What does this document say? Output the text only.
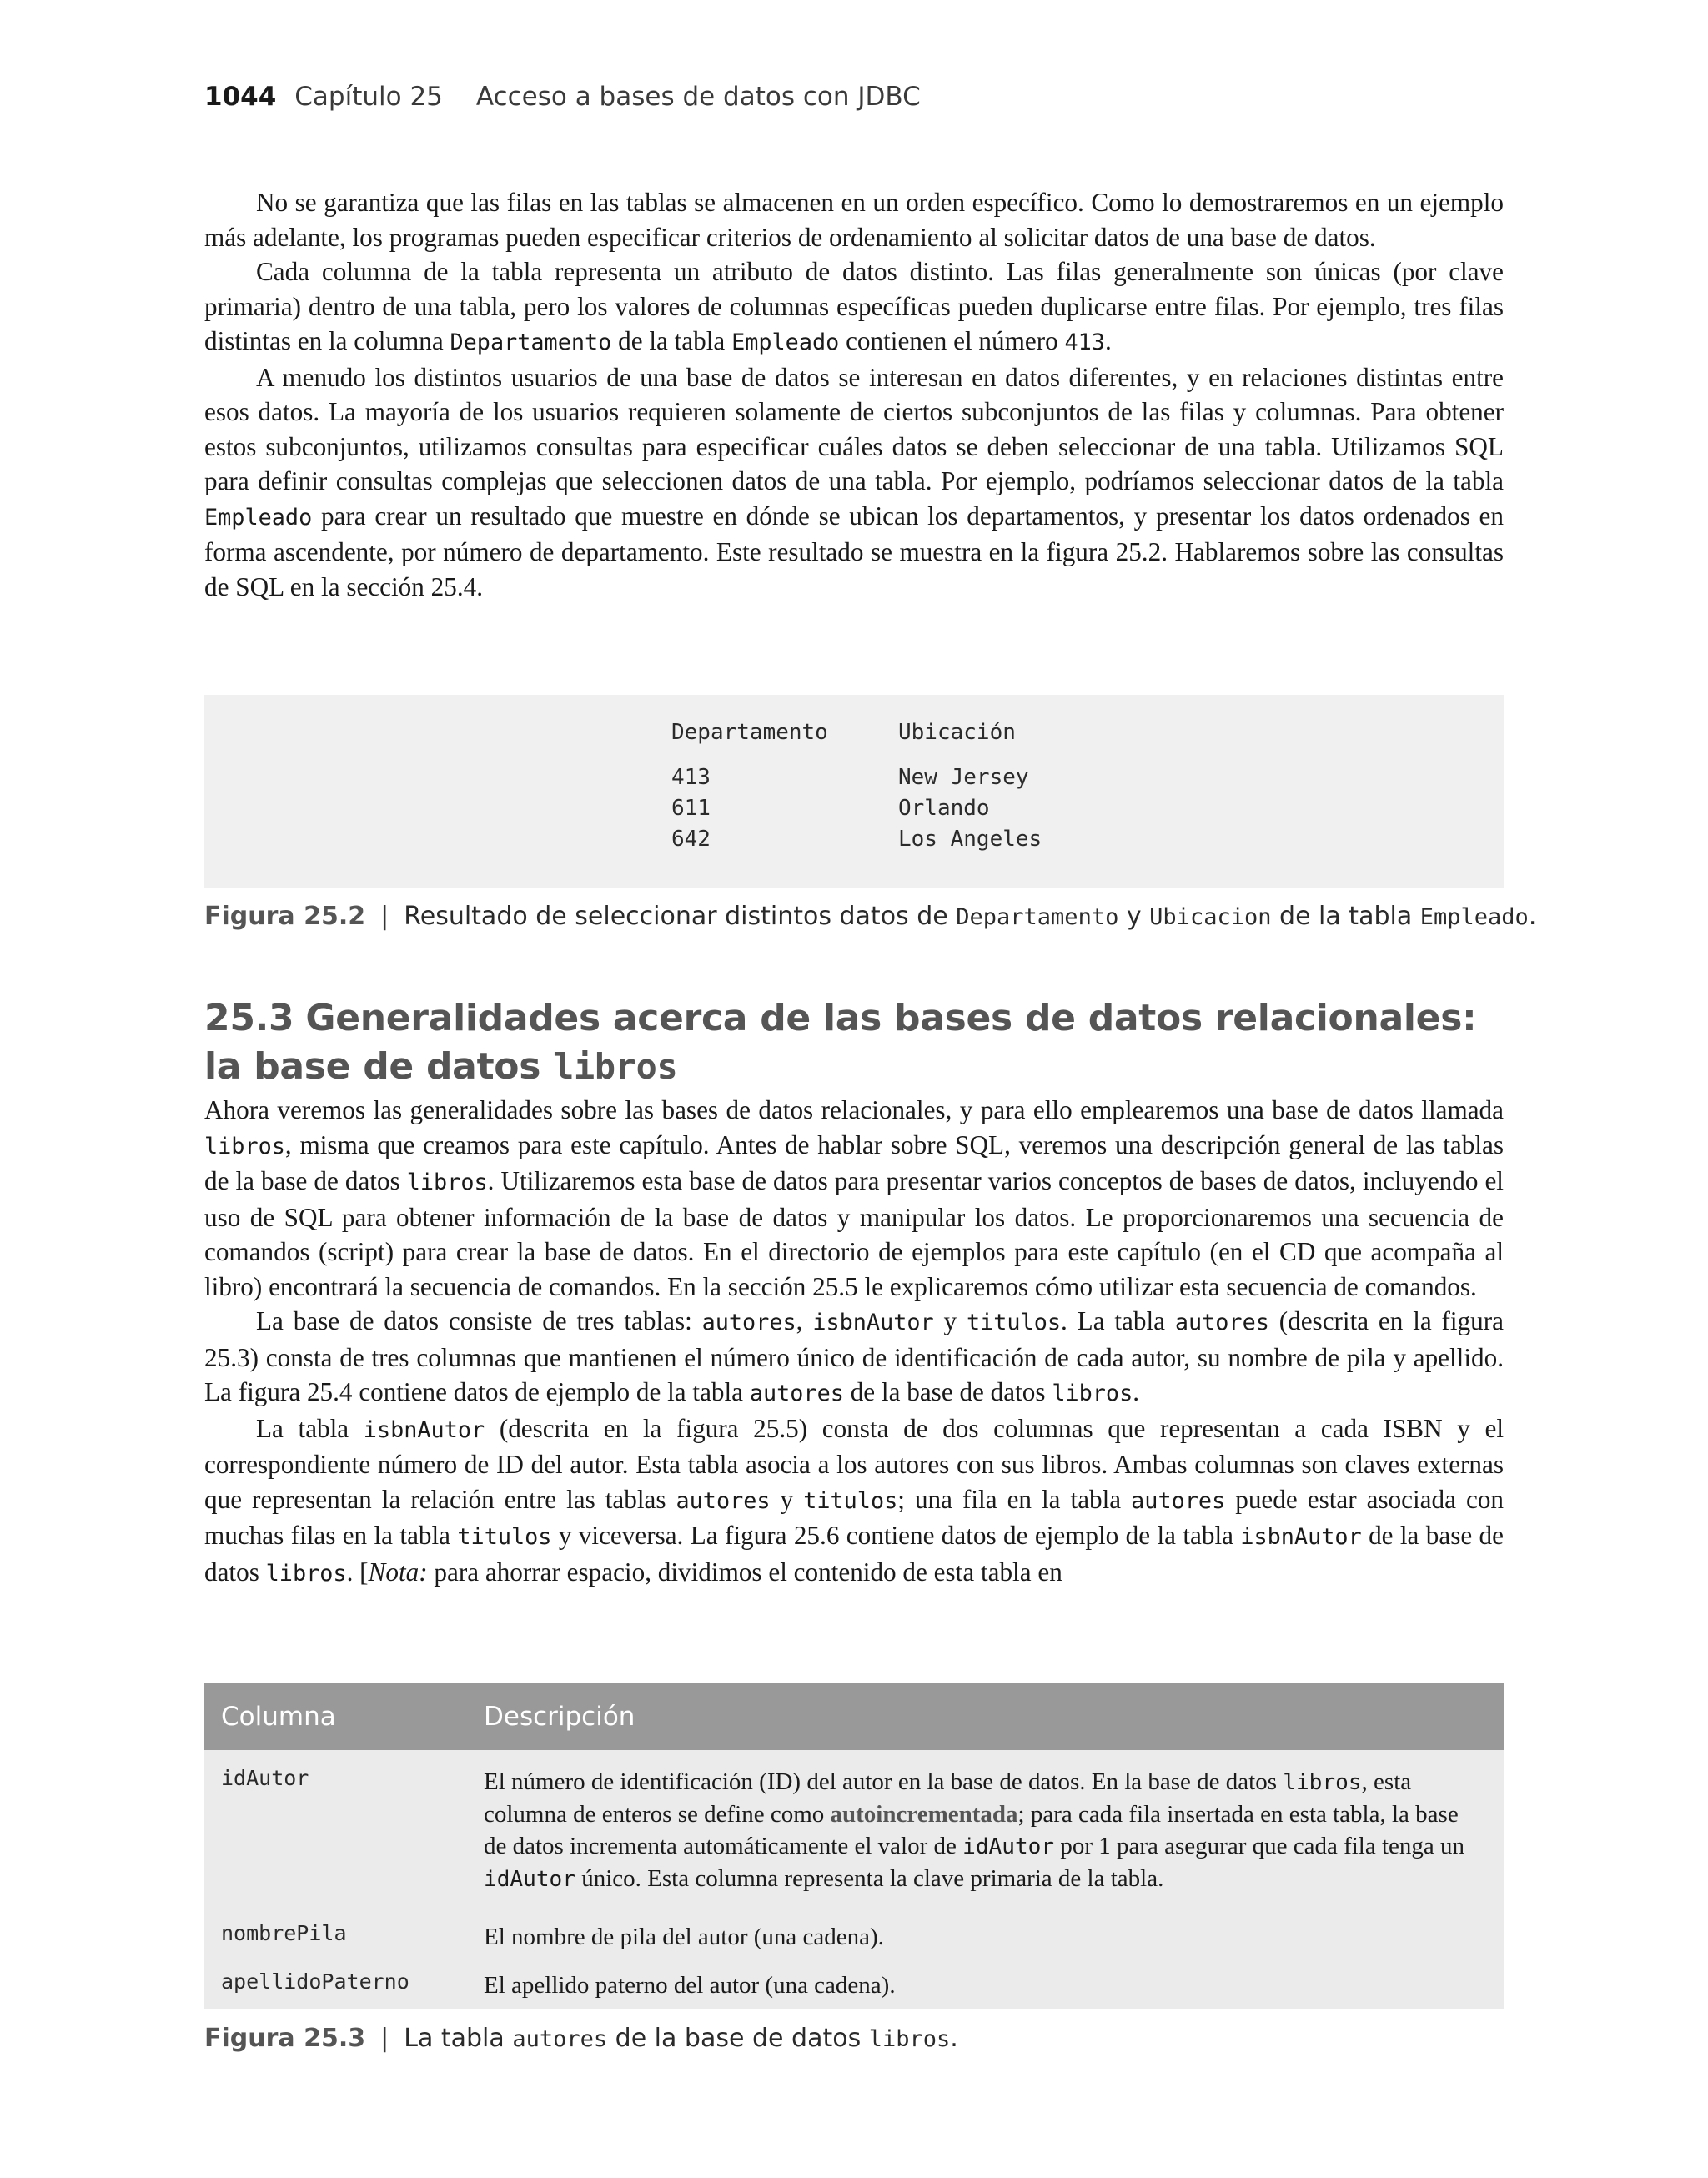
1044 Capítulo 25 Acceso a bases de datos con JDBC

No se garantiza que las filas en las tablas se almacenen en un orden específico. Como lo demostraremos en un ejemplo más adelante, los programas pueden especificar criterios de ordenamiento al solicitar datos de una base de datos.

Cada columna de la tabla representa un atributo de datos distinto. Las filas generalmente son únicas (por clave primaria) dentro de una tabla, pero los valores de columnas específicas pueden duplicarse entre filas. Por ejemplo, tres filas distintas en la columna Departamento de la tabla Empleado contienen el número 413.

A menudo los distintos usuarios de una base de datos se interesan en datos diferentes, y en relaciones distintas entre esos datos. La mayoría de los usuarios requieren solamente de ciertos subconjuntos de las filas y columnas. Para obtener estos subconjuntos, utilizamos consultas para especificar cuáles datos se deben seleccionar de una tabla. Utilizamos SQL para definir consultas complejas que seleccionen datos de una tabla. Por ejemplo, podríamos seleccionar datos de la tabla Empleado para crear un resultado que muestre en dónde se ubican los departamentos, y presentar los datos ordenados en forma ascendente, por número de departamento. Este resultado se muestra en la figura 25.2. Hablaremos sobre las consultas de SQL en la sección 25.4.

Departamento	Ubicación
413	New Jersey
611	Orlando
642	Los Angeles
Figura 25.2 | Resultado de seleccionar distintos datos de Departamento y Ubicacion de la tabla Empleado.
25.3 Generalidades acerca de las bases de datos relacionales:
la base de datos libros

Ahora veremos las generalidades sobre las bases de datos relacionales, y para ello emplearemos una base de datos llamada libros, misma que creamos para este capítulo. Antes de hablar sobre SQL, veremos una descripción general de las tablas de la base de datos libros. Utilizaremos esta base de datos para presentar varios conceptos de bases de datos, incluyendo el uso de SQL para obtener información de la base de datos y manipular los datos. Le proporcionaremos una secuencia de comandos (script) para crear la base de datos. En el directorio de ejemplos para este capítulo (en el CD que acompaña al libro) encontrará la secuencia de comandos. En la sección 25.5 le explicaremos cómo utilizar esta secuencia de comandos.

La base de datos consiste de tres tablas: autores, isbnAutor y titulos. La tabla autores (descrita en la figura 25.3) consta de tres columnas que mantienen el número único de identificación de cada autor, su nombre de pila y apellido. La figura 25.4 contiene datos de ejemplo de la tabla autores de la base de datos libros.

La tabla isbnAutor (descrita en la figura 25.5) consta de dos columnas que representan a cada ISBN y el correspondiente número de ID del autor. Esta tabla asocia a los autores con sus libros. Ambas columnas son claves externas que representan la relación entre las tablas autores y titulos; una fila en la tabla autores puede estar asociada con muchas filas en la tabla titulos y viceversa. La figura 25.6 contiene datos de ejemplo de la tabla isbnAutor de la base de datos libros. [Nota: para ahorrar espacio, dividimos el contenido de esta tabla en

Columna	Descripción
idAutor	El número de identificación (ID) del autor en la base de datos. En la base de datos libros, esta columna de enteros se define como autoincrementada; para cada fila insertada en esta tabla, la base de datos incrementa automáticamente el valor de idAutor por 1 para asegurar que cada fila tenga un idAutor único. Esta columna representa la clave primaria de la tabla.
nombrePila	El nombre de pila del autor (una cadena).
apellidoPaterno	El apellido paterno del autor (una cadena).
Figura 25.3 | La tabla autores de la base de datos libros.
